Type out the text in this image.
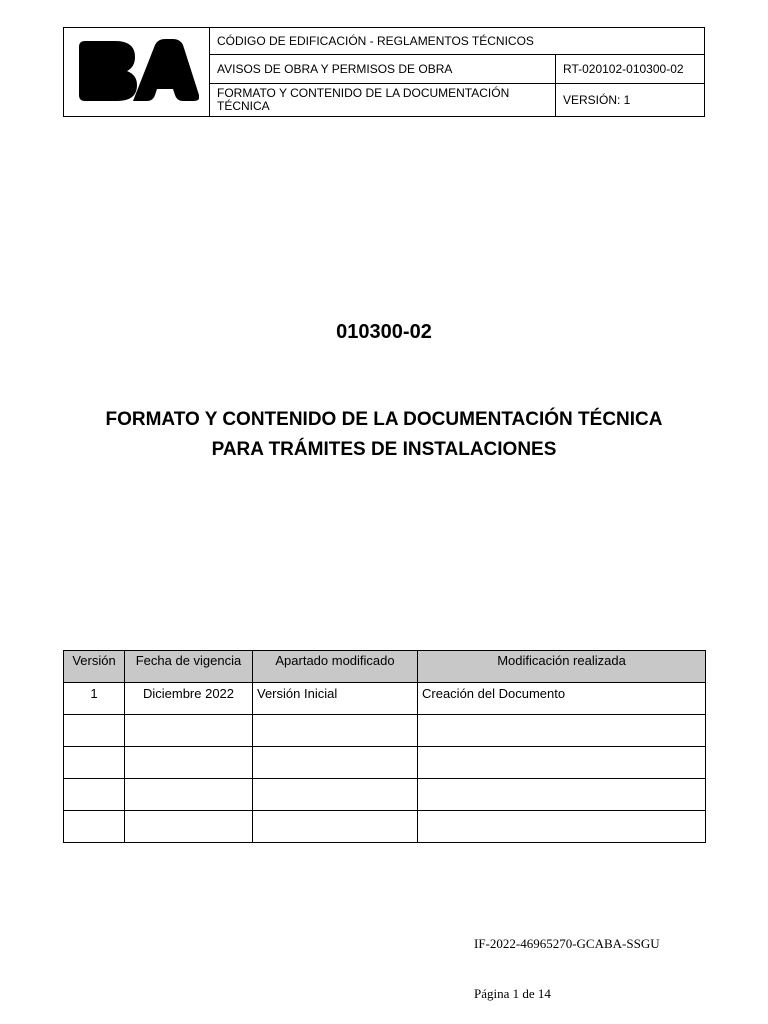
CÓDIGO DE EDIFICACIÓN - REGLAMENTOS TÉCNICOS
AVISOS DE OBRA Y PERMISOS DE OBRA	RT-020102-010300-02
FORMATO Y CONTENIDO DE LA DOCUMENTACIÓN TÉCNICA	VERSIÓN: 1
010300-02
FORMATO Y CONTENIDO DE LA DOCUMENTACIÓN TÉCNICA
PARA TRÁMITES DE INSTALACIONES
Versión	Fecha de vigencia	Apartado modificado	Modificación realizada
1	Diciembre 2022	Versión Inicial	Creación del Documento

IF-2022-46965270-GCABA-SSGU
Página 1 de 14
